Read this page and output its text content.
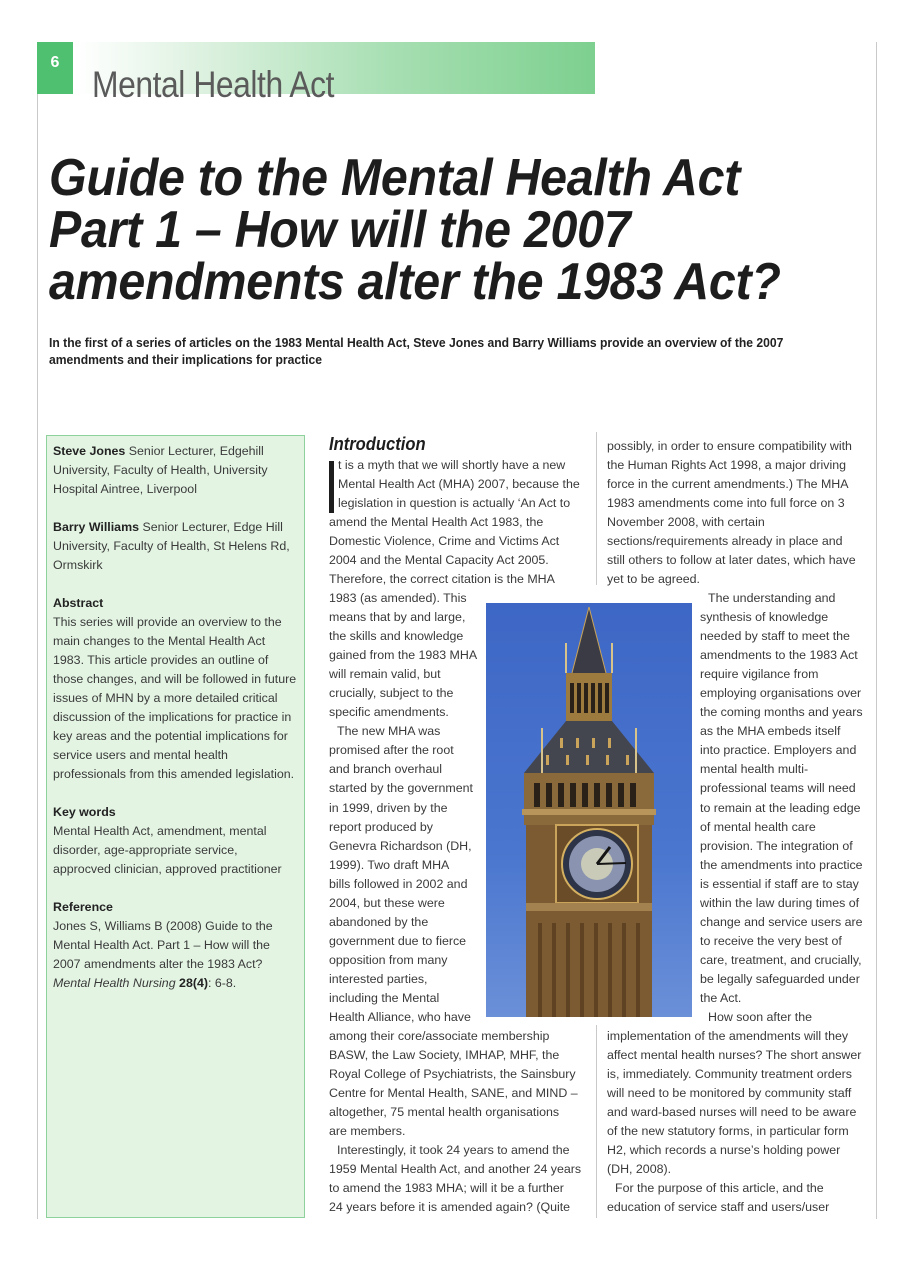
6
Mental Health Act
Guide to the Mental Health Act
Part 1 – How will the 2007
amendments alter the 1983 Act?

In the first of a series of articles on the 1983 Mental Health Act, Steve Jones and Barry Williams provide an overview of the 2007 amendments and their implications for practice

Steve Jones Senior Lecturer, Edgehill University, Faculty of Health, University Hospital Aintree, Liverpool

Barry Williams Senior Lecturer, Edge Hill University, Faculty of Health, St Helens Rd, Ormskirk

Abstract
This series will provide an overview to the main changes to the Mental Health Act 1983. This article provides an outline of those changes, and will be followed in future issues of MHN by a more detailed critical discussion of the implications for practice in key areas and the potential implications for service users and mental health professionals from this amended legislation.

Key words
Mental Health Act, amendment, mental disorder, age-appropriate service, approcved clinician, approved practitioner

Reference
Jones S, Williams B (2008) Guide to the Mental Health Act. Part 1 – How will the 2007 amendments alter the 1983 Act? Mental Health Nursing 28(4): 6-8.

Introduction

t is a myth that we will shortly have a new

Mental Health Act (MHA) 2007, because the

legislation in question is actually ‘An Act to

amend the Mental Health Act 1983, the

Domestic Violence, Crime and Victims Act

2004 and the Mental Capacity Act 2005.

Therefore, the correct citation is the MHA

1983 (as amended). This

means that by and large,

the skills and knowledge

gained from the 1983 MHA

will remain valid, but

crucially, subject to the

specific amendments.

The new MHA was

promised after the root

and branch overhaul

started by the government

in 1999, driven by the

report produced by

Genevra Richardson (DH,

1999). Two draft MHA

bills followed in 2002 and

2004, but these were

abandoned by the

government due to fierce

opposition from many

interested parties,

including the Mental

Health Alliance, who have

among their core/associate membership

BASW, the Law Society, IMHAP, MHF, the

Royal College of Psychiatrists, the Sainsbury

Centre for Mental Health, SANE, and MIND –

altogether, 75 mental health organisations

are members.

Interestingly, it took 24 years to amend the

1959 Mental Health Act, and another 24 years

to amend the 1983 MHA; will it be a further

24 years before it is amended again? (Quite

possibly, in order to ensure compatibility with

the Human Rights Act 1998, a major driving

force in the current amendments.) The MHA

1983 amendments come into full force on 3

November 2008, with certain

sections/requirements already in place and

still others to follow at later dates, which have

yet to be agreed.

The understanding and

synthesis of knowledge

needed by staff to meet the

amendments to the 1983 Act

require vigilance from

employing organisations over

the coming months and years

as the MHA embeds itself

into practice. Employers and

mental health multi-

professional teams will need

to remain at the leading edge

of mental health care

provision. The integration of

the amendments into practice

is essential if staff are to stay

within the law during times of

change and service users are

to receive the very best of

care, treatment, and crucially,

be legally safeguarded under

the Act.

How soon after the

implementation of the amendments will they

affect mental health nurses? The short answer

is, immediately. Community treatment orders

will need to be monitored by community staff

and ward-based nurses will need to be aware

of the new statutory forms, in particular form

H2, which records a nurse’s holding power

(DH, 2008).

For the purpose of this article, and the

education of service staff and users/user
